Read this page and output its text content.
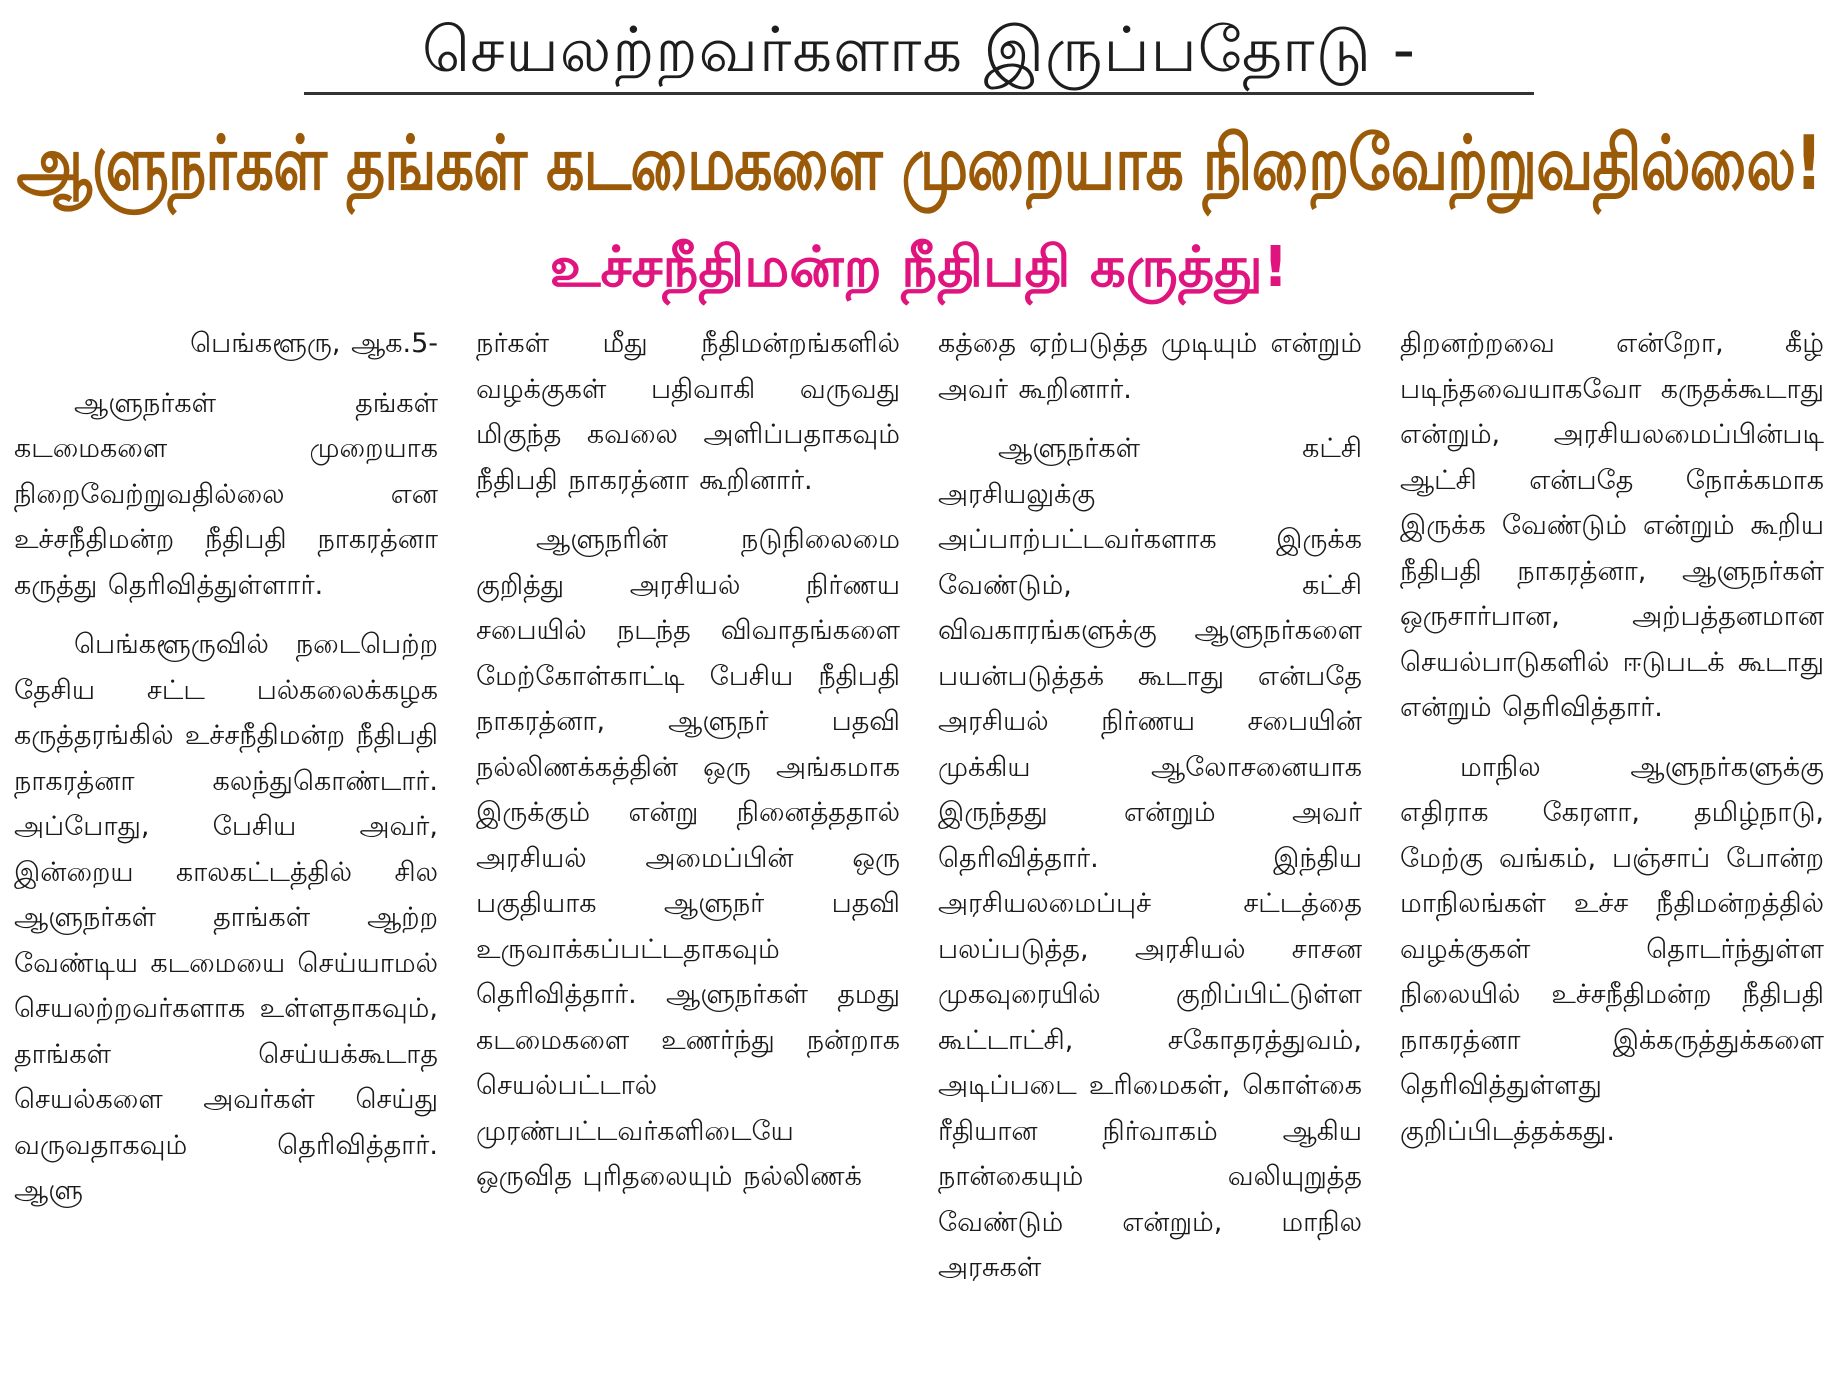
செயலற்றவர்களாக இருப்பதோடு -
ஆளுநர்கள் தங்கள் கடமைகளை முறையாக நிறைவேற்றுவதில்லை!
உச்சநீதிமன்ற நீதிபதி கருத்து!

பெங்களூரு, ஆக.5-

ஆளுநர்கள் தங்கள் கடமைகளை முறையாக நிறைவேற்றுவதில்லை என உச்சநீதிமன்ற நீதிபதி நாகரத்னா கருத்து தெரிவித்துள்ளார்.

பெங்களூருவில் நடைபெற்ற தேசிய சட்ட பல்கலைக்கழக கருத்தரங்கில் உச்சநீதிமன்ற நீதிபதி நாகரத்னா கலந்துகொண்டார். அப்போது, பேசிய அவர், இன்றைய காலகட்டத்தில் சில ஆளுநர்கள் தாங்கள் ஆற்ற வேண்டிய கடமையை செய்யாமல் செயலற்றவர்களாக உள்ளதாகவும், தாங்கள் செய்யக்கூடாத செயல்களை அவர்கள் செய்து வருவதாகவும் தெரிவித்தார். ஆளு

நர்கள் மீது நீதிமன்றங்களில் வழக்குகள் பதிவாகி வருவது மிகுந்த கவலை அளிப்பதாகவும் நீதிபதி நாகரத்னா கூறினார்.

ஆளுநரின் நடுநிலைமை குறித்து அரசியல் நிர்ணய சபையில் நடந்த விவாதங்களை மேற்கோள்காட்டி பேசிய நீதிபதி நாகரத்னா, ஆளுநர் பதவி நல்லிணக்கத்தின் ஒரு அங்கமாக இருக்கும் என்று நினைத்ததால் அரசியல் அமைப்பின் ஒரு பகுதியாக ஆளுநர் பதவி உருவாக்கப்பட்டதாகவும் தெரிவித்தார். ஆளுநர்கள் தமது கடமைகளை உணர்ந்து நன்றாக செயல்பட்டால் முரண்பட்டவர்களிடையே ஒருவித புரிதலையும் நல்லிணக்

கத்தை ஏற்படுத்த முடியும் என்றும் அவர் கூறினார்.

ஆளுநர்கள் கட்சி அரசியலுக்கு அப்பாற்பட்டவர்களாக இருக்க வேண்டும், கட்சி விவகாரங்களுக்கு ஆளுநர்களை பயன்படுத்தக் கூடாது என்பதே அரசியல் நிர்ணய சபையின் முக்கிய ஆலோசனையாக இருந்தது என்றும் அவர் தெரிவித்தார். இந்திய அரசியலமைப்புச் சட்டத்தை பலப்படுத்த, அரசியல் சாசன முகவுரையில் குறிப்பிட்டுள்ள கூட்டாட்சி, சகோதரத்துவம், அடிப்படை உரிமைகள், கொள்கை ரீதியான நிர்வாகம் ஆகிய நான்கையும் வலியுறுத்த வேண்டும் என்றும், மாநில அரசுகள்

திறனற்றவை என்றோ, கீழ் படிந்தவையாகவோ கருதக்கூடாது என்றும், அரசியலமைப்பின்படி ஆட்சி என்பதே நோக்கமாக இருக்க வேண்டும் என்றும் கூறிய நீதிபதி நாகரத்னா, ஆளுநர்கள் ஒருசார்பான, அற்பத்தனமான செயல்பாடுகளில் ஈடுபடக் கூடாது என்றும் தெரிவித்தார்.

மாநில ஆளுநர்களுக்கு எதிராக கேரளா, தமிழ்நாடு, மேற்கு வங்கம், பஞ்சாப் போன்ற மாநிலங்கள் உச்ச நீதிமன்றத்தில் வழக்குகள் தொடர்ந்துள்ள நிலையில் உச்சநீதிமன்ற நீதிபதி நாகரத்னா இக்கருத்துக்களை தெரிவித்துள்ளது குறிப்பிடத்தக்கது.
